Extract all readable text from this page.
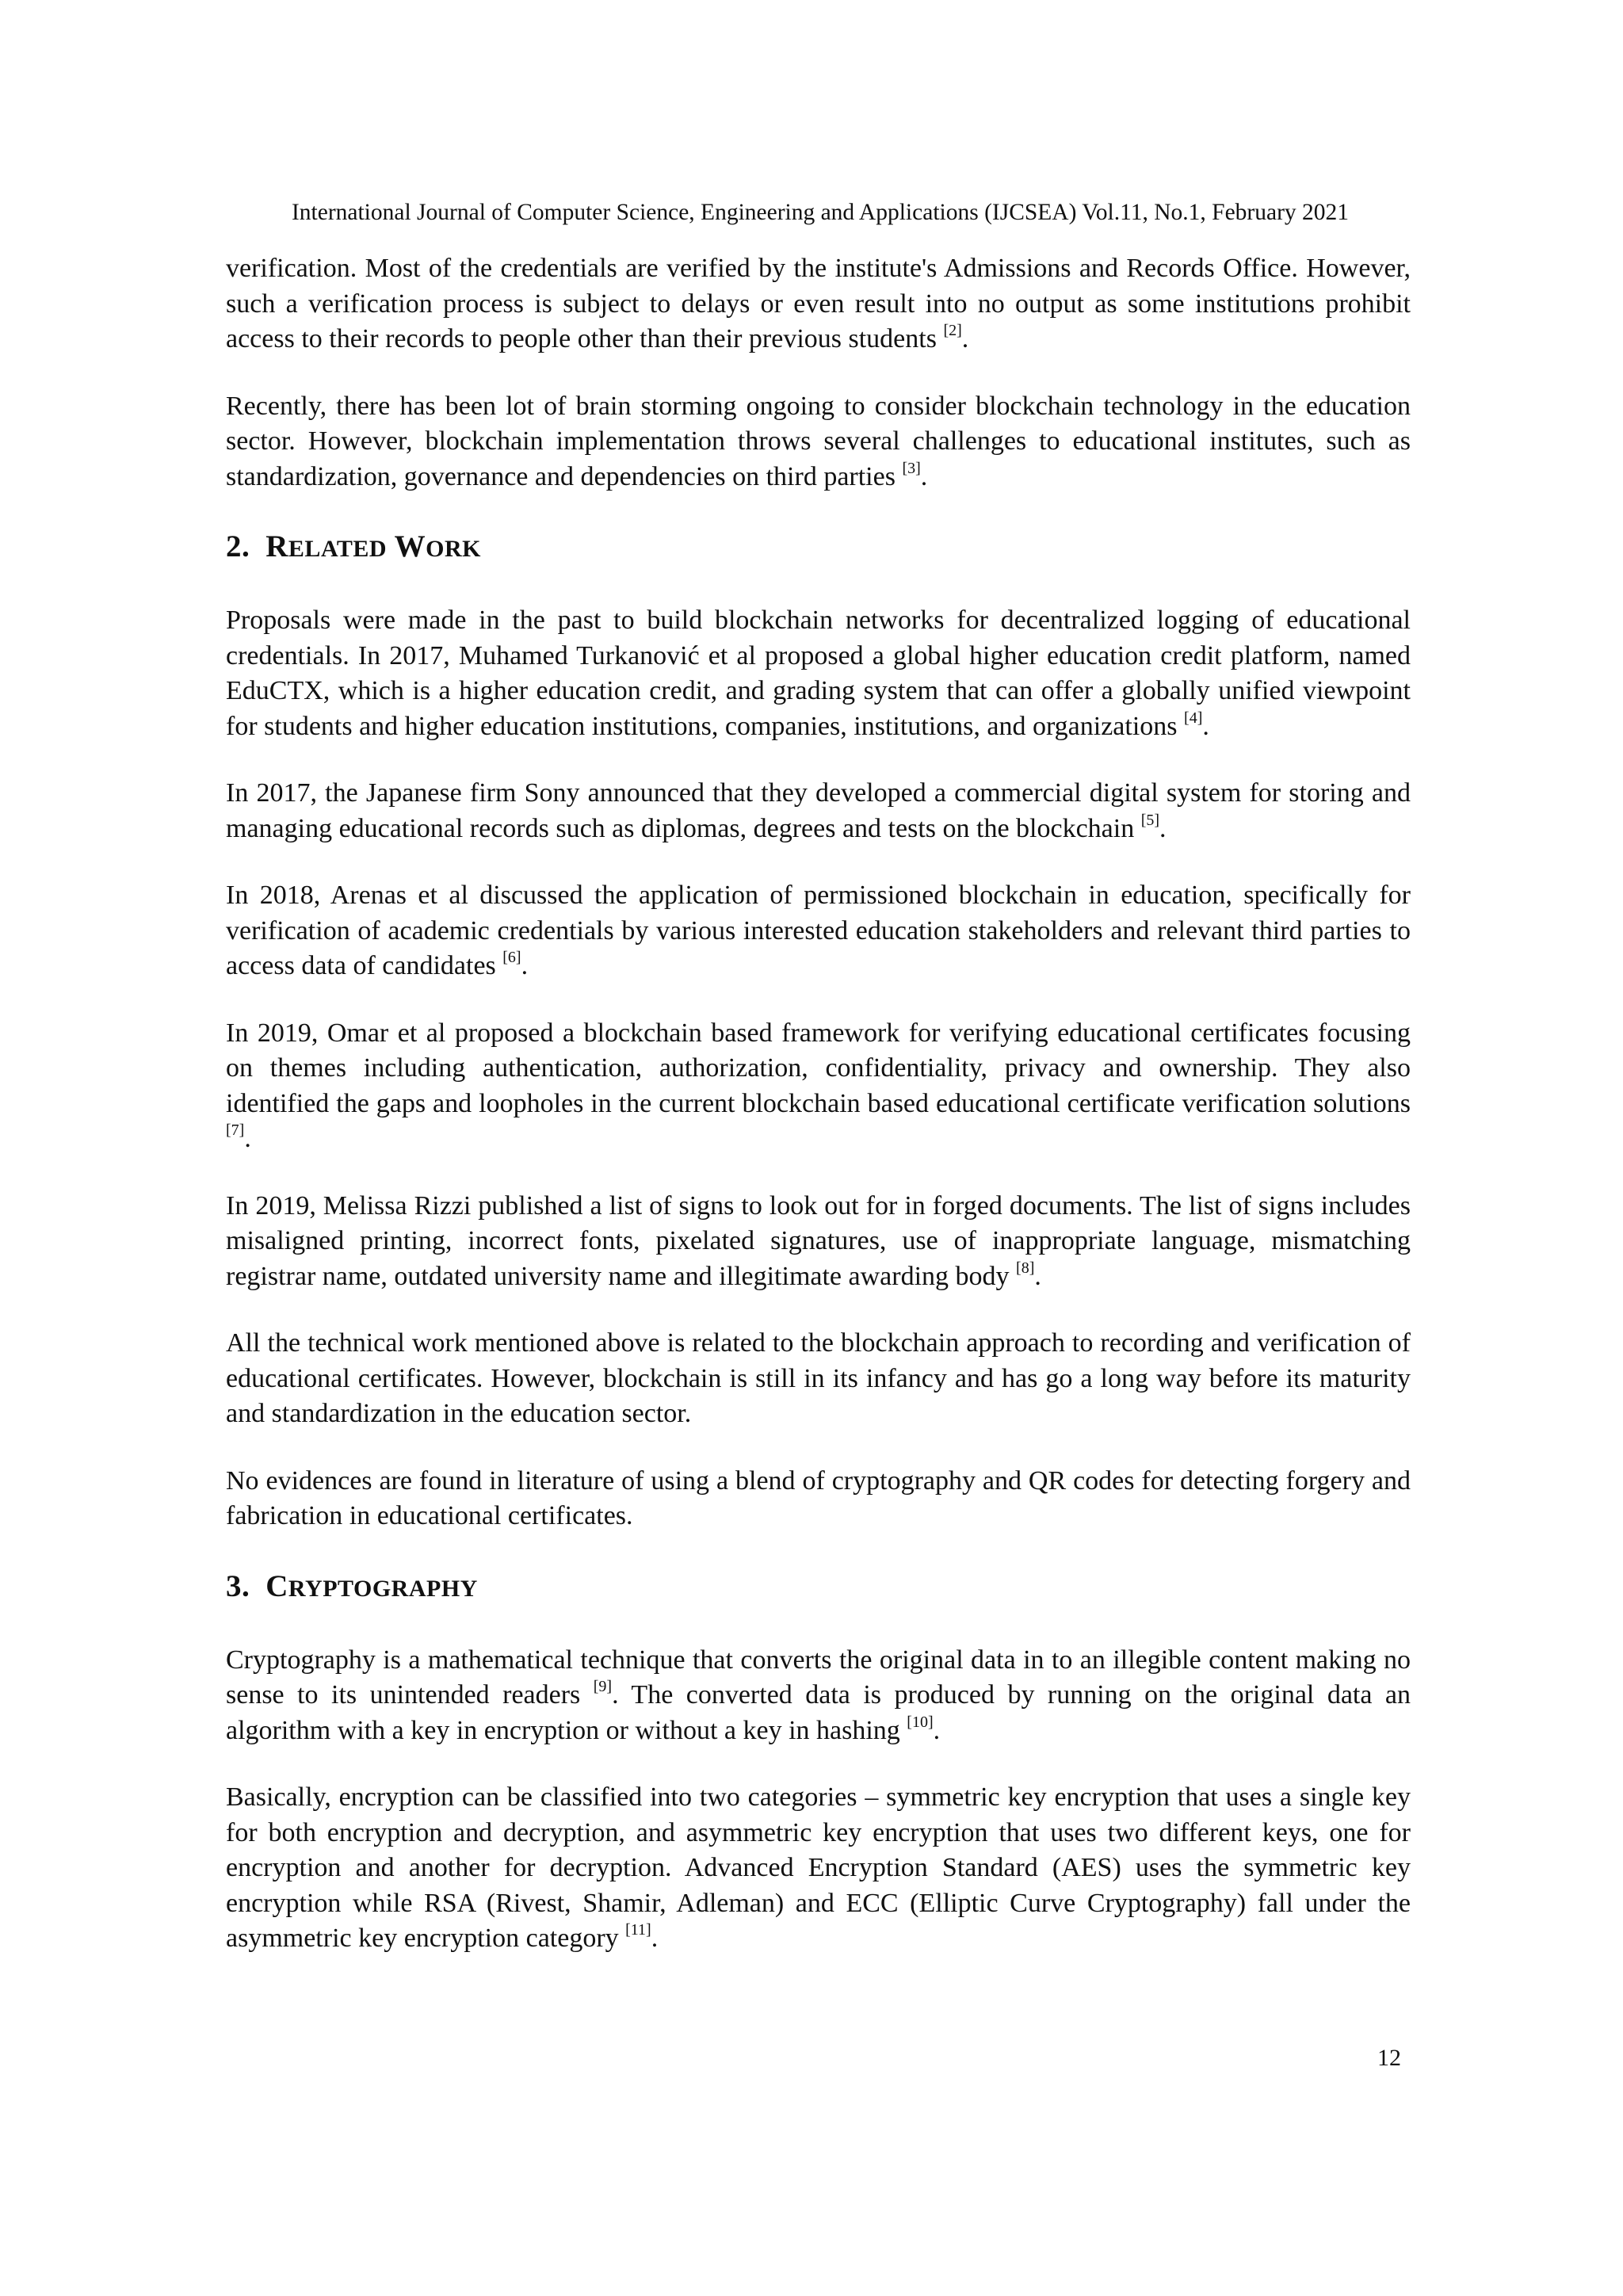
International Journal of Computer Science, Engineering and Applications (IJCSEA) Vol.11, No.1, February 2021

verification. Most of the credentials are verified by the institute's Admissions and Records Office. However, such a verification process is subject to delays or even result into no output as some institutions prohibit access to their records to people other than their previous students [2].

Recently, there has been lot of brain storming ongoing to consider blockchain technology in the education sector. However, blockchain implementation throws several challenges to educational institutes, such as standardization, governance and dependencies on third parties [3].

2. RELATED WORK

Proposals were made in the past to build blockchain networks for decentralized logging of educational credentials. In 2017, Muhamed Turkanović et al proposed a global higher education credit platform, named EduCTX, which is a higher education credit, and grading system that can offer a globally unified viewpoint for students and higher education institutions, companies, institutions, and organizations [4].

In 2017, the Japanese firm Sony announced that they developed a commercial digital system for storing and managing educational records such as diplomas, degrees and tests on the blockchain [5].

In 2018, Arenas et al discussed the application of permissioned blockchain in education, specifically for verification of academic credentials by various interested education stakeholders and relevant third parties to access data of candidates [6].

In 2019, Omar et al proposed a blockchain based framework for verifying educational certificates focusing on themes including authentication, authorization, confidentiality, privacy and ownership. They also identified the gaps and loopholes in the current blockchain based educational certificate verification solutions [7].

In 2019, Melissa Rizzi published a list of signs to look out for in forged documents. The list of signs includes misaligned printing, incorrect fonts, pixelated signatures, use of inappropriate language, mismatching registrar name, outdated university name and illegitimate awarding body [8].

All the technical work mentioned above is related to the blockchain approach to recording and verification of educational certificates. However, blockchain is still in its infancy and has go a long way before its maturity and standardization in the education sector.

No evidences are found in literature of using a blend of cryptography and QR codes for detecting forgery and fabrication in educational certificates.

3. CRYPTOGRAPHY

Cryptography is a mathematical technique that converts the original data in to an illegible content making no sense to its unintended readers [9]. The converted data is produced by running on the original data an algorithm with a key in encryption or without a key in hashing [10].

Basically, encryption can be classified into two categories – symmetric key encryption that uses a single key for both encryption and decryption, and asymmetric key encryption that uses two different keys, one for encryption and another for decryption. Advanced Encryption Standard (AES) uses the symmetric key encryption while RSA (Rivest, Shamir, Adleman) and ECC (Elliptic Curve Cryptography) fall under the asymmetric key encryption category [11].

12
